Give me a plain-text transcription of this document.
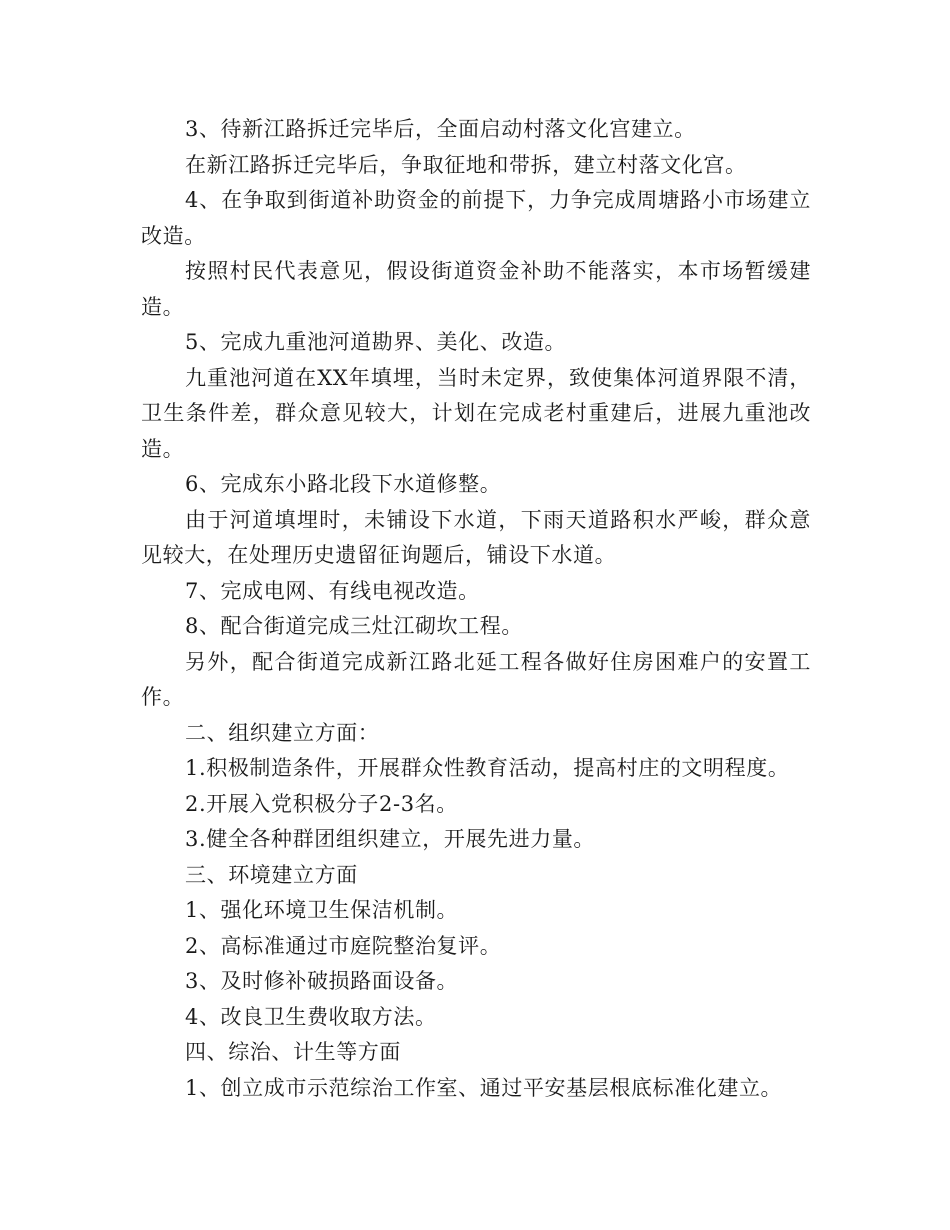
3、待新江路拆迁完毕后，全面启动村落文化宫建立。

在新江路拆迁完毕后，争取征地和带拆，建立村落文化宫。

4、在争取到街道补助资金的前提下，力争完成周塘路小市场建立改造。

按照村民代表意见，假设街道资金补助不能落实，本市场暂缓建造。

5、完成九重池河道勘界、美化、改造。

九重池河道在XX年填埋，当时未定界，致使集体河道界限不清，卫生条件差，群众意见较大，计划在完成老村重建后，进展九重池改造。

6、完成东小路北段下水道修整。

由于河道填埋时，未铺设下水道，下雨天道路积水严峻，群众意见较大，在处理历史遗留征询题后，铺设下水道。

7、完成电网、有线电视改造。

8、配合街道完成三灶江砌坎工程。

另外，配合街道完成新江路北延工程各做好住房困难户的安置工作。

二、组织建立方面：

1.积极制造条件，开展群众性教育活动，提高村庄的文明程度。

2.开展入党积极分子2-3名。

3.健全各种群团组织建立，开展先进力量。

三、环境建立方面

1、强化环境卫生保洁机制。

2、高标准通过市庭院整治复评。

3、及时修补破损路面设备。

4、改良卫生费收取方法。

四、综治、计生等方面

1、创立成市示范综治工作室、通过平安基层根底标准化建立。
